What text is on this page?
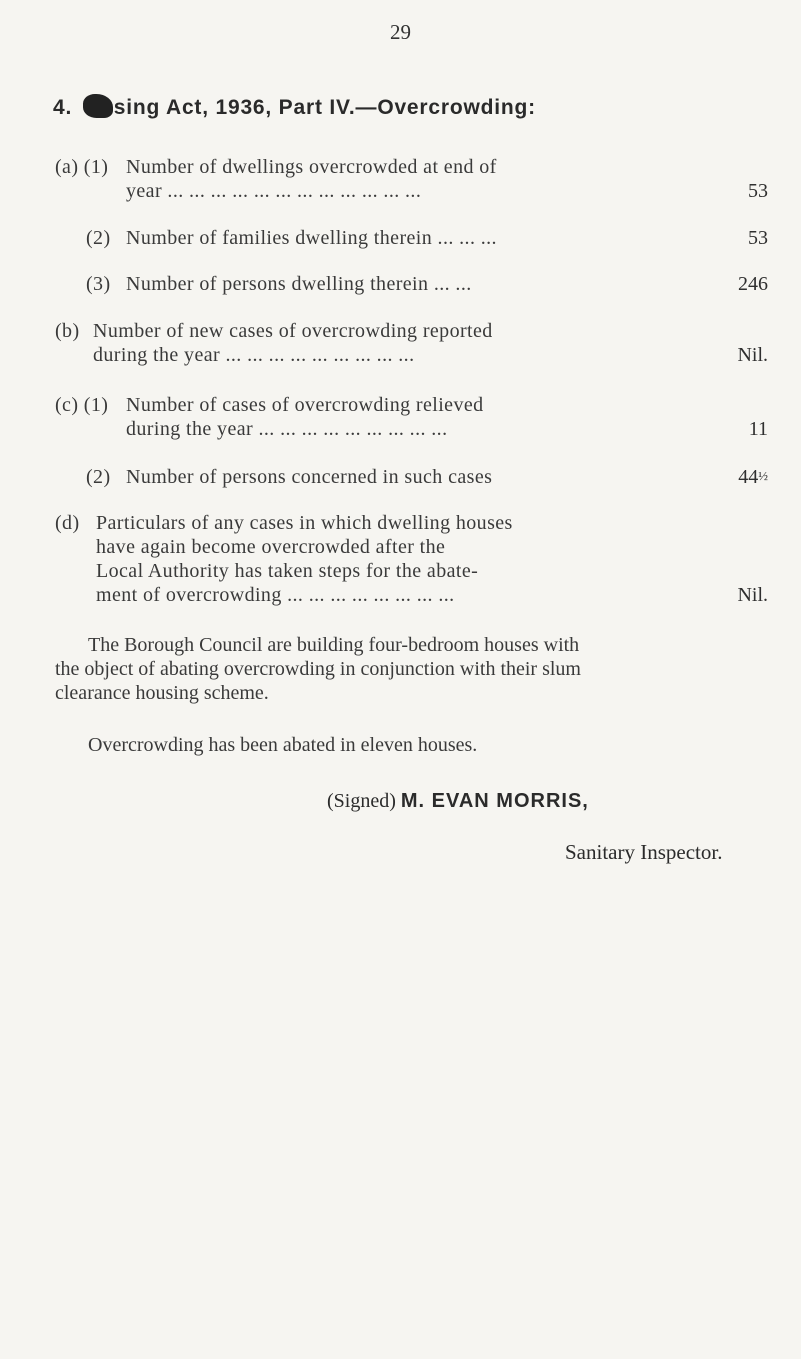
29
4. sing Act, 1936, Part IV.—Overcrowding:
(a) (1) Number of dwellings overcrowded at end of
year ... ... ... ... ... ... ... ... ... ... ... ...	53
(2) Number of families dwelling therein ... ... ...	53
(3) Number of persons dwelling therein ... ...	246
(b) Number of new cases of overcrowding reported
during the year ... ... ... ... ... ... ... ... ...	Nil.
(c) (1) Number of cases of overcrowding relieved
during the year ... ... ... ... ... ... ... ... ...	11
(2) Number of persons concerned in such cases	44½
(d) Particulars of any cases in which dwelling houses
have again become overcrowded after the
Local Authority has taken steps for the abate-
ment of overcrowding ... ... ... ... ... ... ... ...	Nil.
The Borough Council are building four-bedroom houses with
the object of abating overcrowding in conjunction with their slum
clearance housing scheme.
Overcrowding has been abated in eleven houses.
(Signed) M. EVAN MORRIS,
Sanitary Inspector.
